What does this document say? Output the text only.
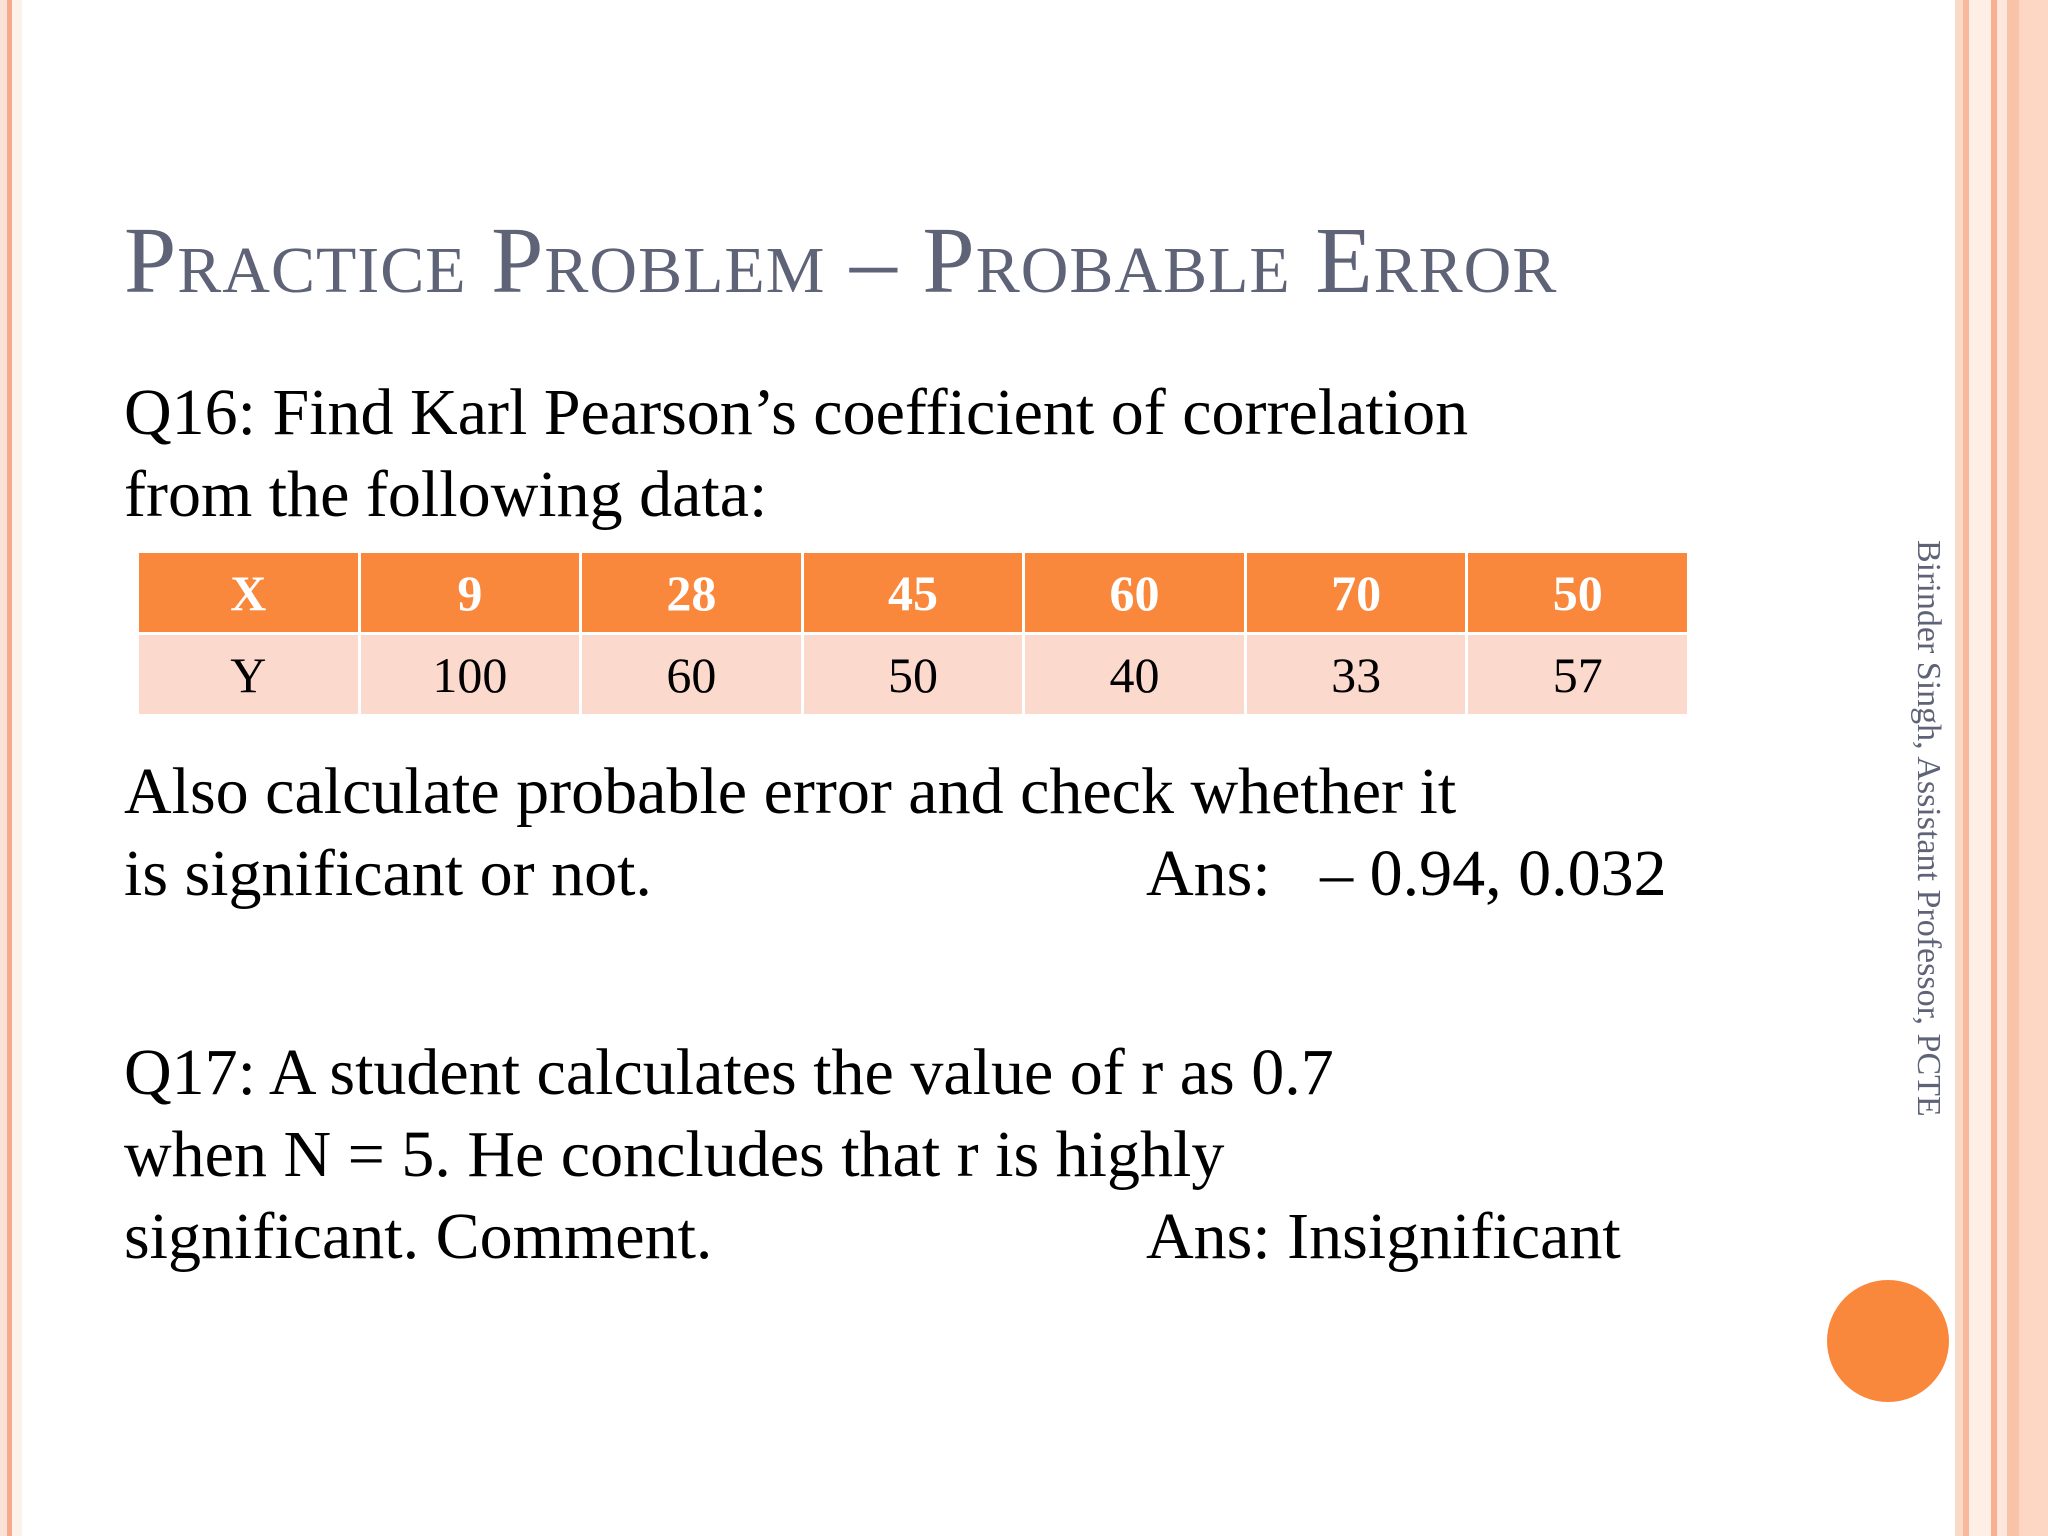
Practice Problem – Probable Error
Q16: Find Karl Pearson’s coefficient of correlation
from the following data:
X	9	28	45	60	70	50
Y	100	60	50	40	33	57
Also calculate probable error and check whether it
is significant or not.	Ans:   – 0.94, 0.032
Q17: A student calculates the value of r as 0.7
when N = 5. He concludes that r is highly
significant. Comment.	Ans: Insignificant
Birinder Singh, Assistant Professor, PCTE
